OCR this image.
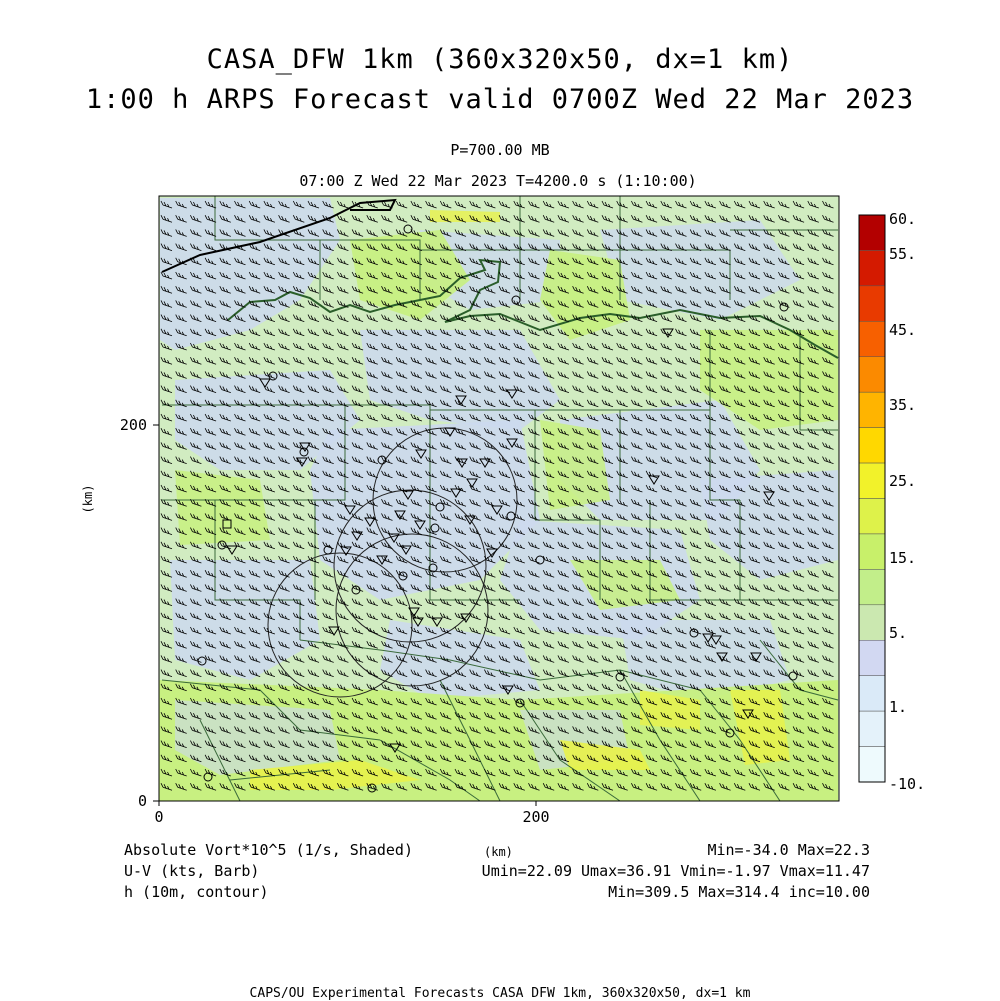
CASA_DFW 1km (360x320x50, dx=1 km)
1:00 h ARPS Forecast valid 0700Z Wed 22 Mar 2023
P=700.00 MB
07:00 Z Wed 22 Mar 2023 T=4200.0 s (1:10:00)
0	200
0
200
(km)
60.
55.
45.
35.
25.
15.
5.
1.
-10.
Absolute Vort*10^5 (1/s, Shaded)
U-V (kts, Barb)
h (10m, contour)
(km)	Min=-34.0 Max=22.3
Umin=22.09 Umax=36.91 Vmin=-1.97 Vmax=11.47
Min=309.5 Max=314.4 inc=10.00
CAPS/OU Experimental Forecasts CASA DFW 1km, 360x320x50, dx=1 km
